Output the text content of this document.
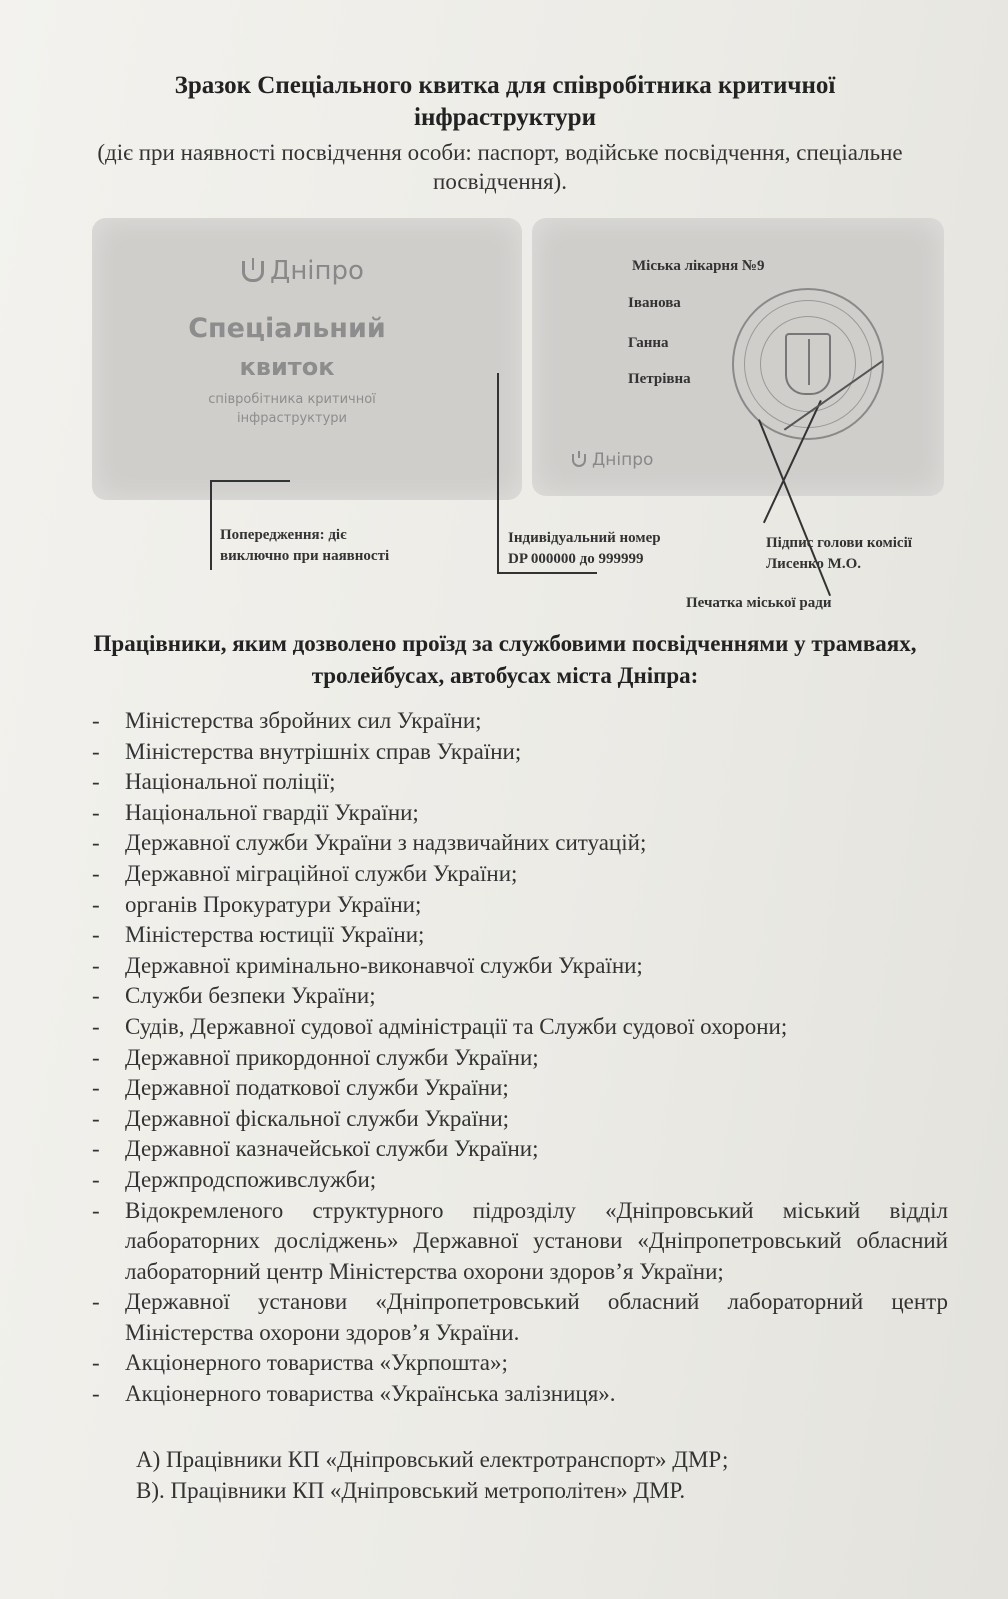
Зразок Спеціального квитка для співробітника критичної інфраструктури
(діє при наявності посвідчення особи: паспорт, водійське посвідчення, спеціальне посвідчення).
Дніпро
Спеціальний
квиток
співробітника критичної
інфраструктури
Міська лікарня №9
Іванова
Ганна
Петрівна
Дніпро
Попередження: діє
виключно при наявності
Індивідуальний номер
DP 000000 до 999999
Підпис голови комісії
Лисенко М.О.
Печатка міської ради
Працівники, яким дозволено проїзд за службовими посвідченнями у трамваях, тролейбусах, автобусах міста Дніпра:
- Міністерства збройних сил України;
- Міністерства внутрішніх справ України;
- Національної поліції;
- Національної гвардії України;
- Державної служби України з надзвичайних ситуацій;
- Державної міграційної служби України;
- органів Прокуратури України;
- Міністерства юстиції України;
- Державної кримінально-виконавчої служби України;
- Служби безпеки України;
- Судів, Державної судової адміністрації та Служби судової охорони;
- Державної прикордонної служби України;
- Державної податкової служби України;
- Державної фіскальної служби України;
- Державної казначейської служби України;
- Держпродспоживслужби;
- Відокремленого структурного підрозділу «Дніпровський міський відділ лабораторних досліджень» Державної установи «Дніпропетровський обласний лабораторний центр Міністерства охорони здоров’я України;
- Державної установи «Дніпропетровський обласний лабораторний центр Міністерства охорони здоров’я України.
- Акціонерного товариства «Укрпошта»;
- Акціонерного товариства «Українська залізниця».
А) Працівники КП «Дніпровський електротранспорт» ДМР;
В). Працівники КП «Дніпровський метрополітен» ДМР.
